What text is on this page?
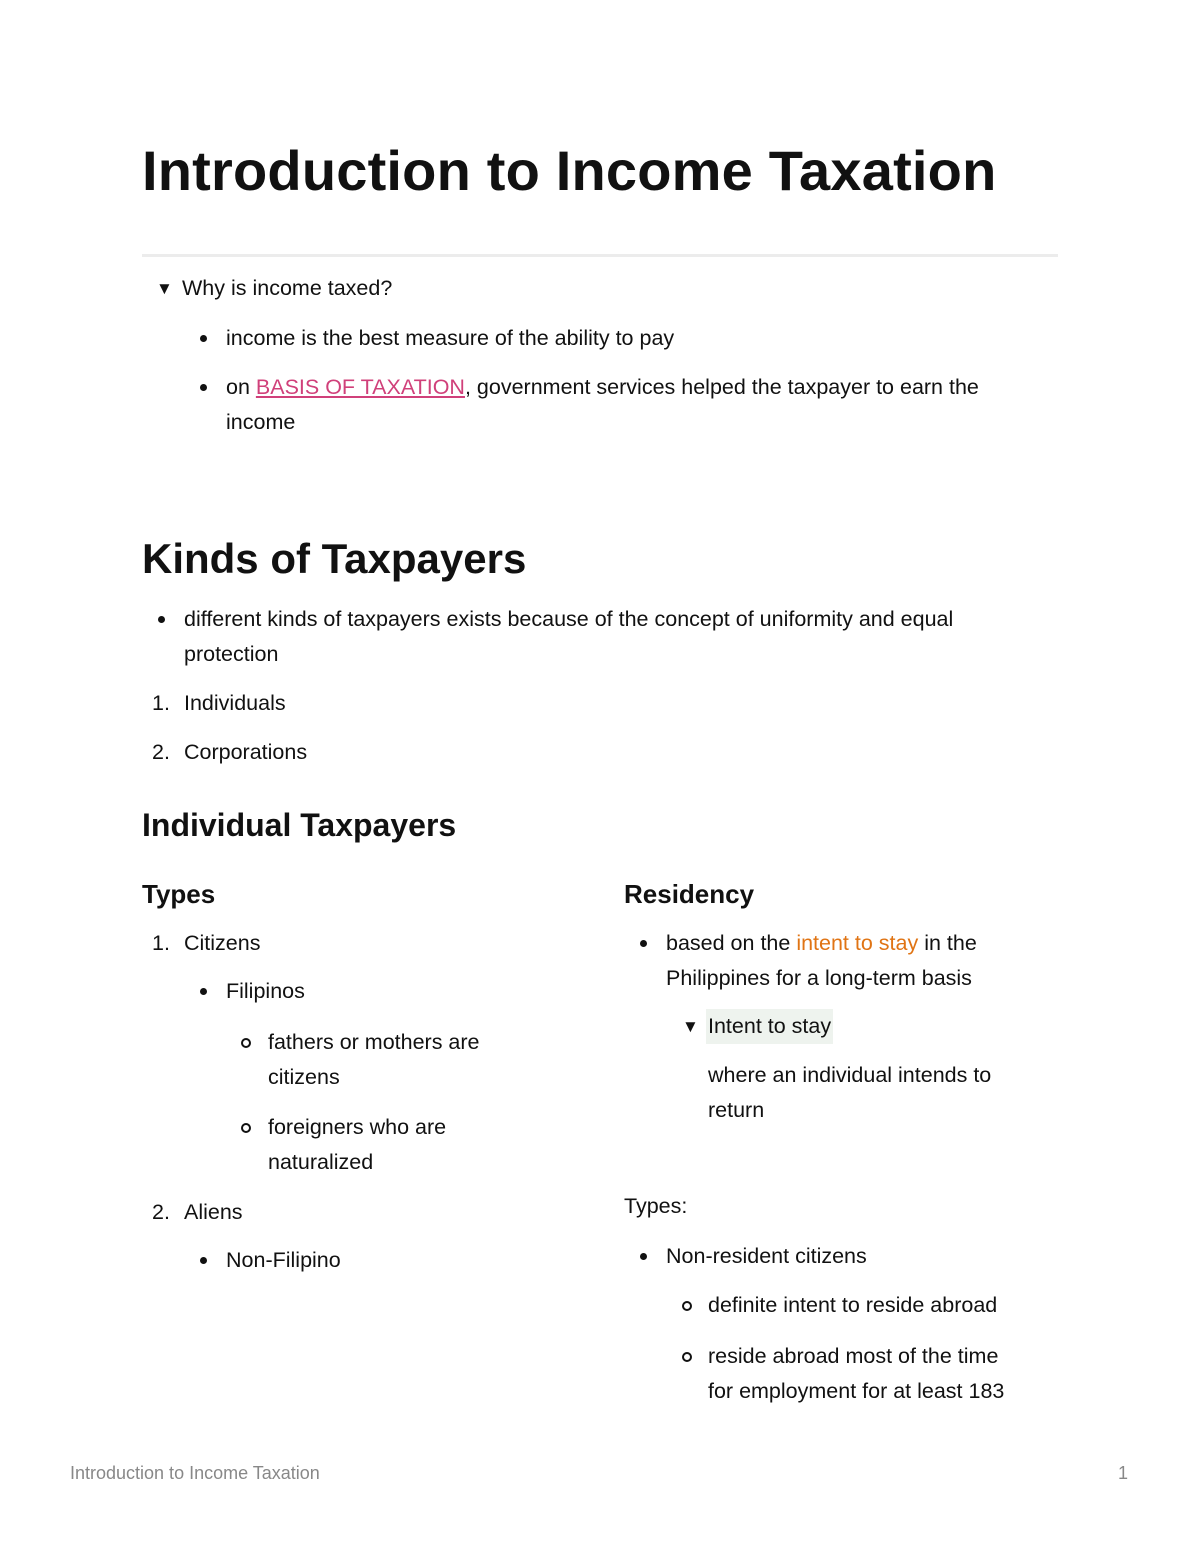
Introduction to Income Taxation
▼ Why is income taxed?
income is the best measure of the ability to pay
on BASIS OF TAXATION, government services helped the taxpayer to earn the
income
Kinds of Taxpayers
different kinds of taxpayers exists because of the concept of uniformity and equal
protection
1. Individuals
2. Corporations
Individual Taxpayers
Types
1. Citizens
Filipinos
fathers or mothers are
citizens
foreigners who are
naturalized
2. Aliens
Non-Filipino
Residency
based on the intent to stay in the
Philippines for a long-term basis
▼ Intent to stay
where an individual intends to
return
Types:
Non-resident citizens
definite intent to reside abroad
reside abroad most of the time
for employment for at least 183
Introduction to Income Taxation	1
